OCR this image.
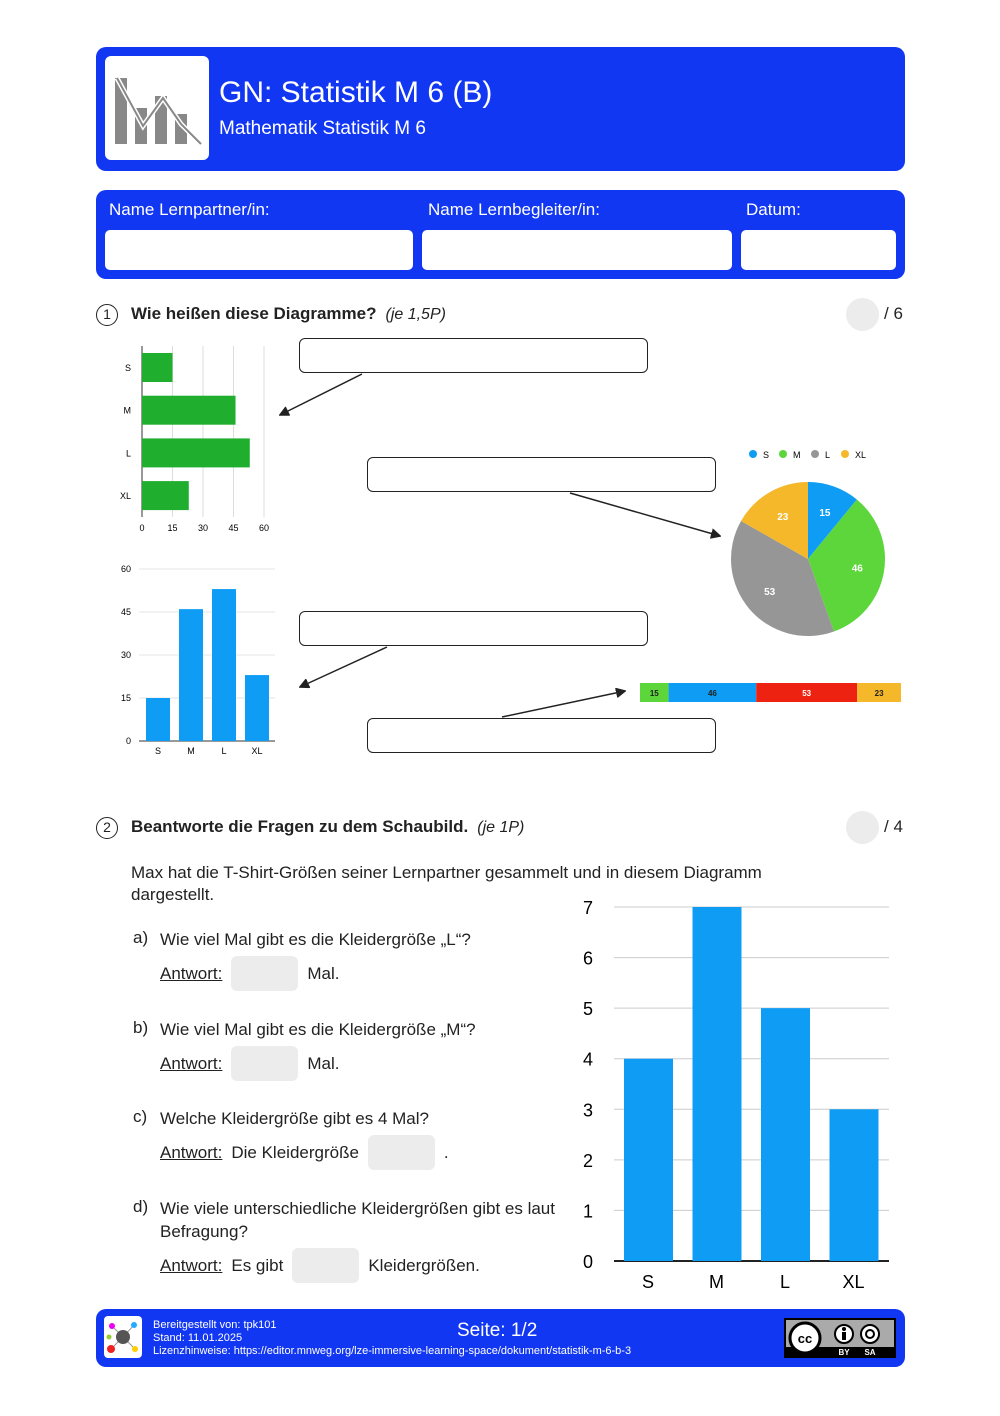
GN: Statistik M 6 (B)
Mathematik Statistik M 6
Name Lernpartner/in:	Name Lernbegleiter/in:	Datum:
1	Wie heißen diese Diagramme? (je 1,5P)	/ 6
0	15 30 45 60
S
M
L
XL
0
15
30
45
60
S	M	L	XL
15
46
53
23
S	M	L	XL
15	46	53	23
0
1
2
3
4
5
6
7
S	M	L	XL
2	Beantworte die Fragen zu dem Schaubild. (je 1P)	/ 4
Max hat die T-Shirt-Größen seiner Lernpartner gesammelt und in diesem Diagramm dargestellt.
a) Wie viel Mal gibt es die Kleidergröße „L“?
Antwort:	Mal.
b) Wie viel Mal gibt es die Kleidergröße „M“?
Antwort:	Mal.
c) Welche Kleidergröße gibt es 4 Mal?
Antwort: Die Kleidergröße	.
d) Wie viele unterschiedliche Kleidergrößen gibt es laut Befragung?
Antwort: Es gibt	Kleidergrößen.
Bereitgestellt von: tpk101
Stand: 11.01.2025
Lizenzhinweise: https://editor.mnweg.org/lze-immersive-learning-space/dokument/statistik-m-6-b-3
Seite: 1/2	cc
BY SA
